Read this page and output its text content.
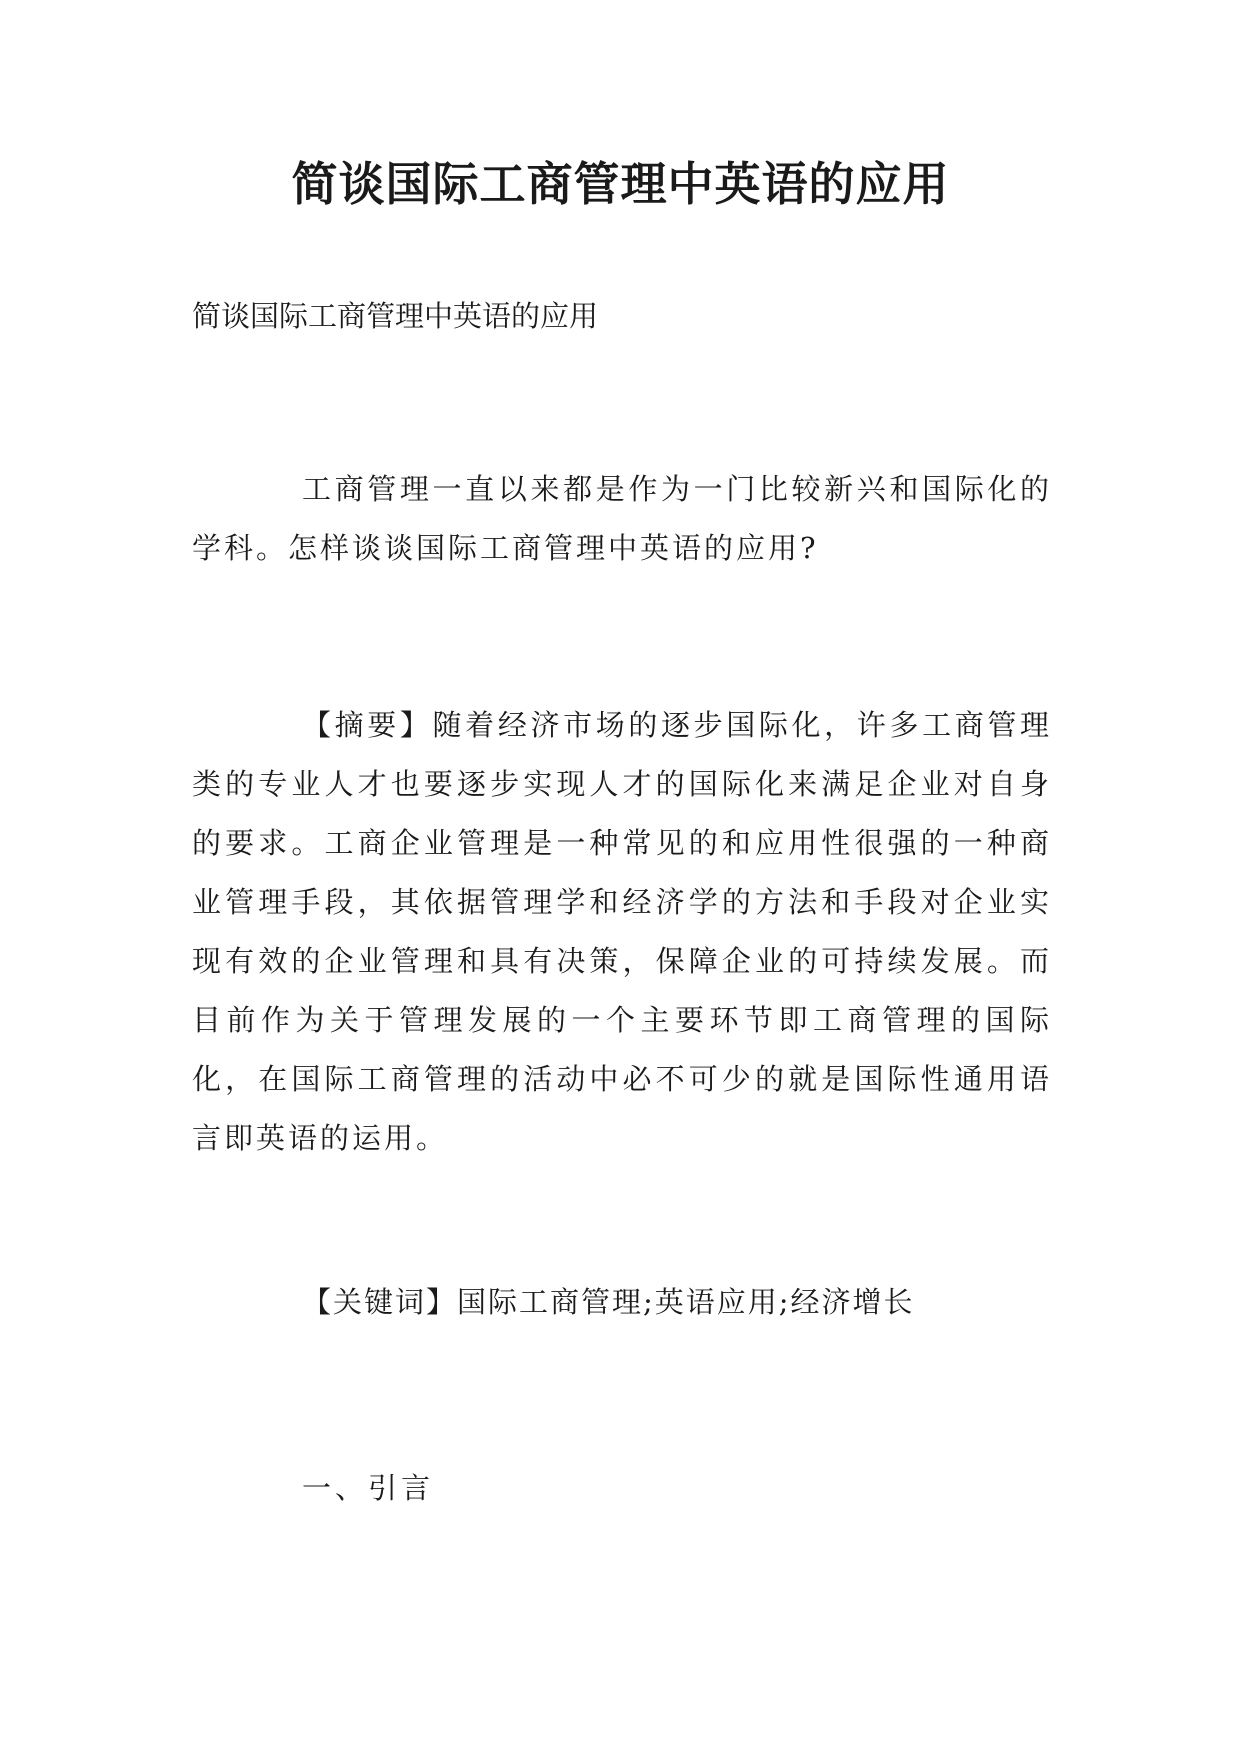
简谈国际工商管理中英语的应用

简谈国际工商管理中英语的应用

工商管理一直以来都是作为一门比较新兴和国际化的学科。怎样谈谈国际工商管理中英语的应用?

【摘要】随着经济市场的逐步国际化，许多工商管理类的专业人才也要逐步实现人才的国际化来满足企业对自身的要求。工商企业管理是一种常见的和应用性很强的一种商业管理手段，其依据管理学和经济学的方法和手段对企业实现有效的企业管理和具有决策，保障企业的可持续发展。而目前作为关于管理发展的一个主要环节即工商管理的国际化，在国际工商管理的活动中必不可少的就是国际性通用语言即英语的运用。

【关键词】国际工商管理;英语应用;经济增长

一、引言
